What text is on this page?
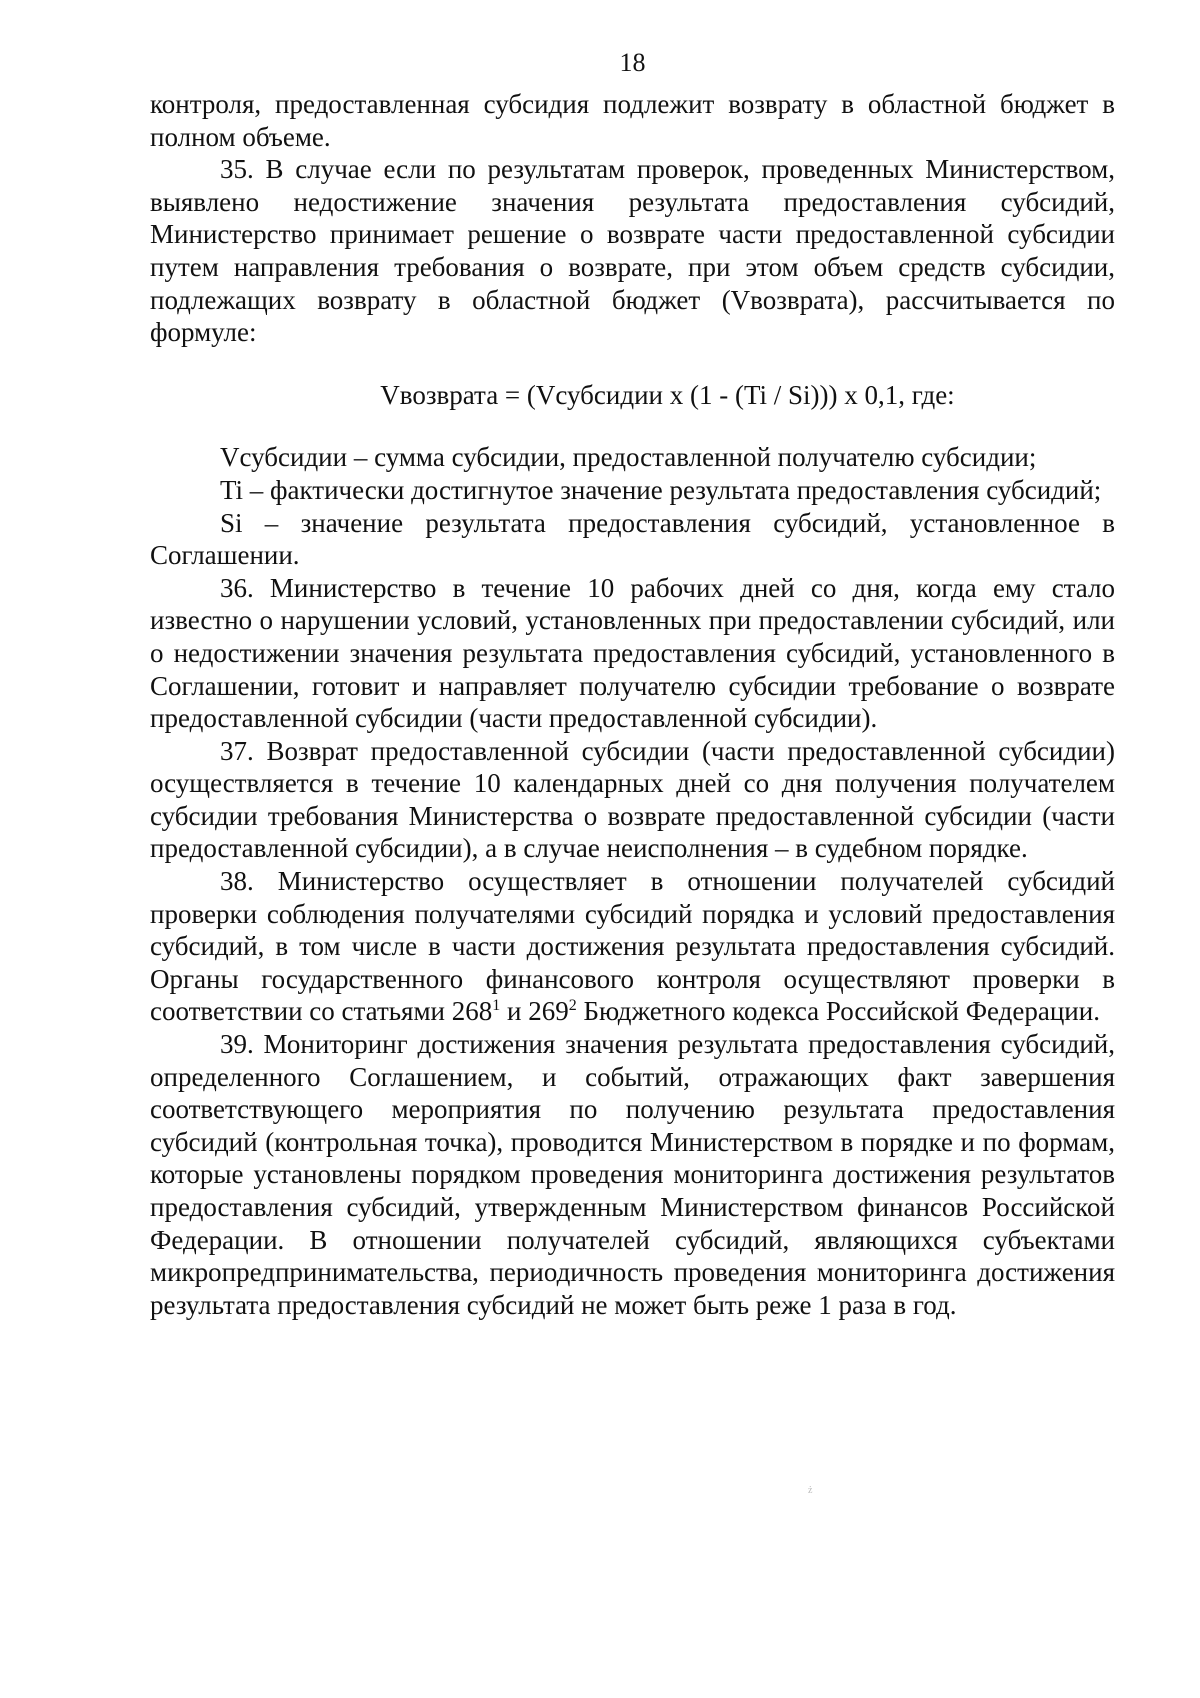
18

контроля, предоставленная субсидия подлежит возврату в областной бюджет в полном объеме.

35. В случае если по результатам проверок, проведенных Министерством, выявлено недостижение значения результата предоставления субсидий, Министерство принимает решение о возврате части предоставленной субсидии путем направления требования о возврате, при этом объем средств субсидии, подлежащих возврату в областной бюджет (Vвозврата), рассчитывается по формуле:

Vвозврата = (Vсубсидии х (1 - (Ti / Si))) x 0,1, где:

Vсубсидии – сумма субсидии, предоставленной получателю субсидии;

Ti – фактически достигнутое значение результата предоставления субсидий;

Si – значение результата предоставления субсидий, установленное в Соглашении.

36. Министерство в течение 10 рабочих дней со дня, когда ему стало известно о нарушении условий, установленных при предоставлении субсидий, или о недостижении значения результата предоставления субсидий, установленного в Соглашении, готовит и направляет получателю субсидии требование о возврате предоставленной субсидии (части предоставленной субсидии).

37. Возврат предоставленной субсидии (части предоставленной субсидии) осуществляется в течение 10 календарных дней со дня получения получателем субсидии требования Министерства о возврате предоставленной субсидии (части предоставленной субсидии), а в случае неисполнения – в судебном порядке.

38. Министерство осуществляет в отношении получателей субсидий проверки соблюдения получателями субсидий порядка и условий предоставления субсидий, в том числе в части достижения результата предоставления субсидий. Органы государственного финансового контроля осуществляют проверки в соответствии со статьями $268^1$ и $269^2$ Бюджетного кодекса Российской Федерации.

39. Мониторинг достижения значения результата предоставления субсидий, определенного Соглашением, и событий, отражающих факт завершения соответствующего мероприятия по получению результата предоставления субсидий (контрольная точка), проводится Министерством в порядке и по формам, которые установлены порядком проведения мониторинга достижения результатов предоставления субсидий, утвержденным Министерством финансов Российской Федерации. В отношении получателей субсидий, являющихся субъектами микропредпринимательства, периодичность проведения мониторинга достижения результата предоставления субсидий не может быть реже 1 раза в год.

ż
